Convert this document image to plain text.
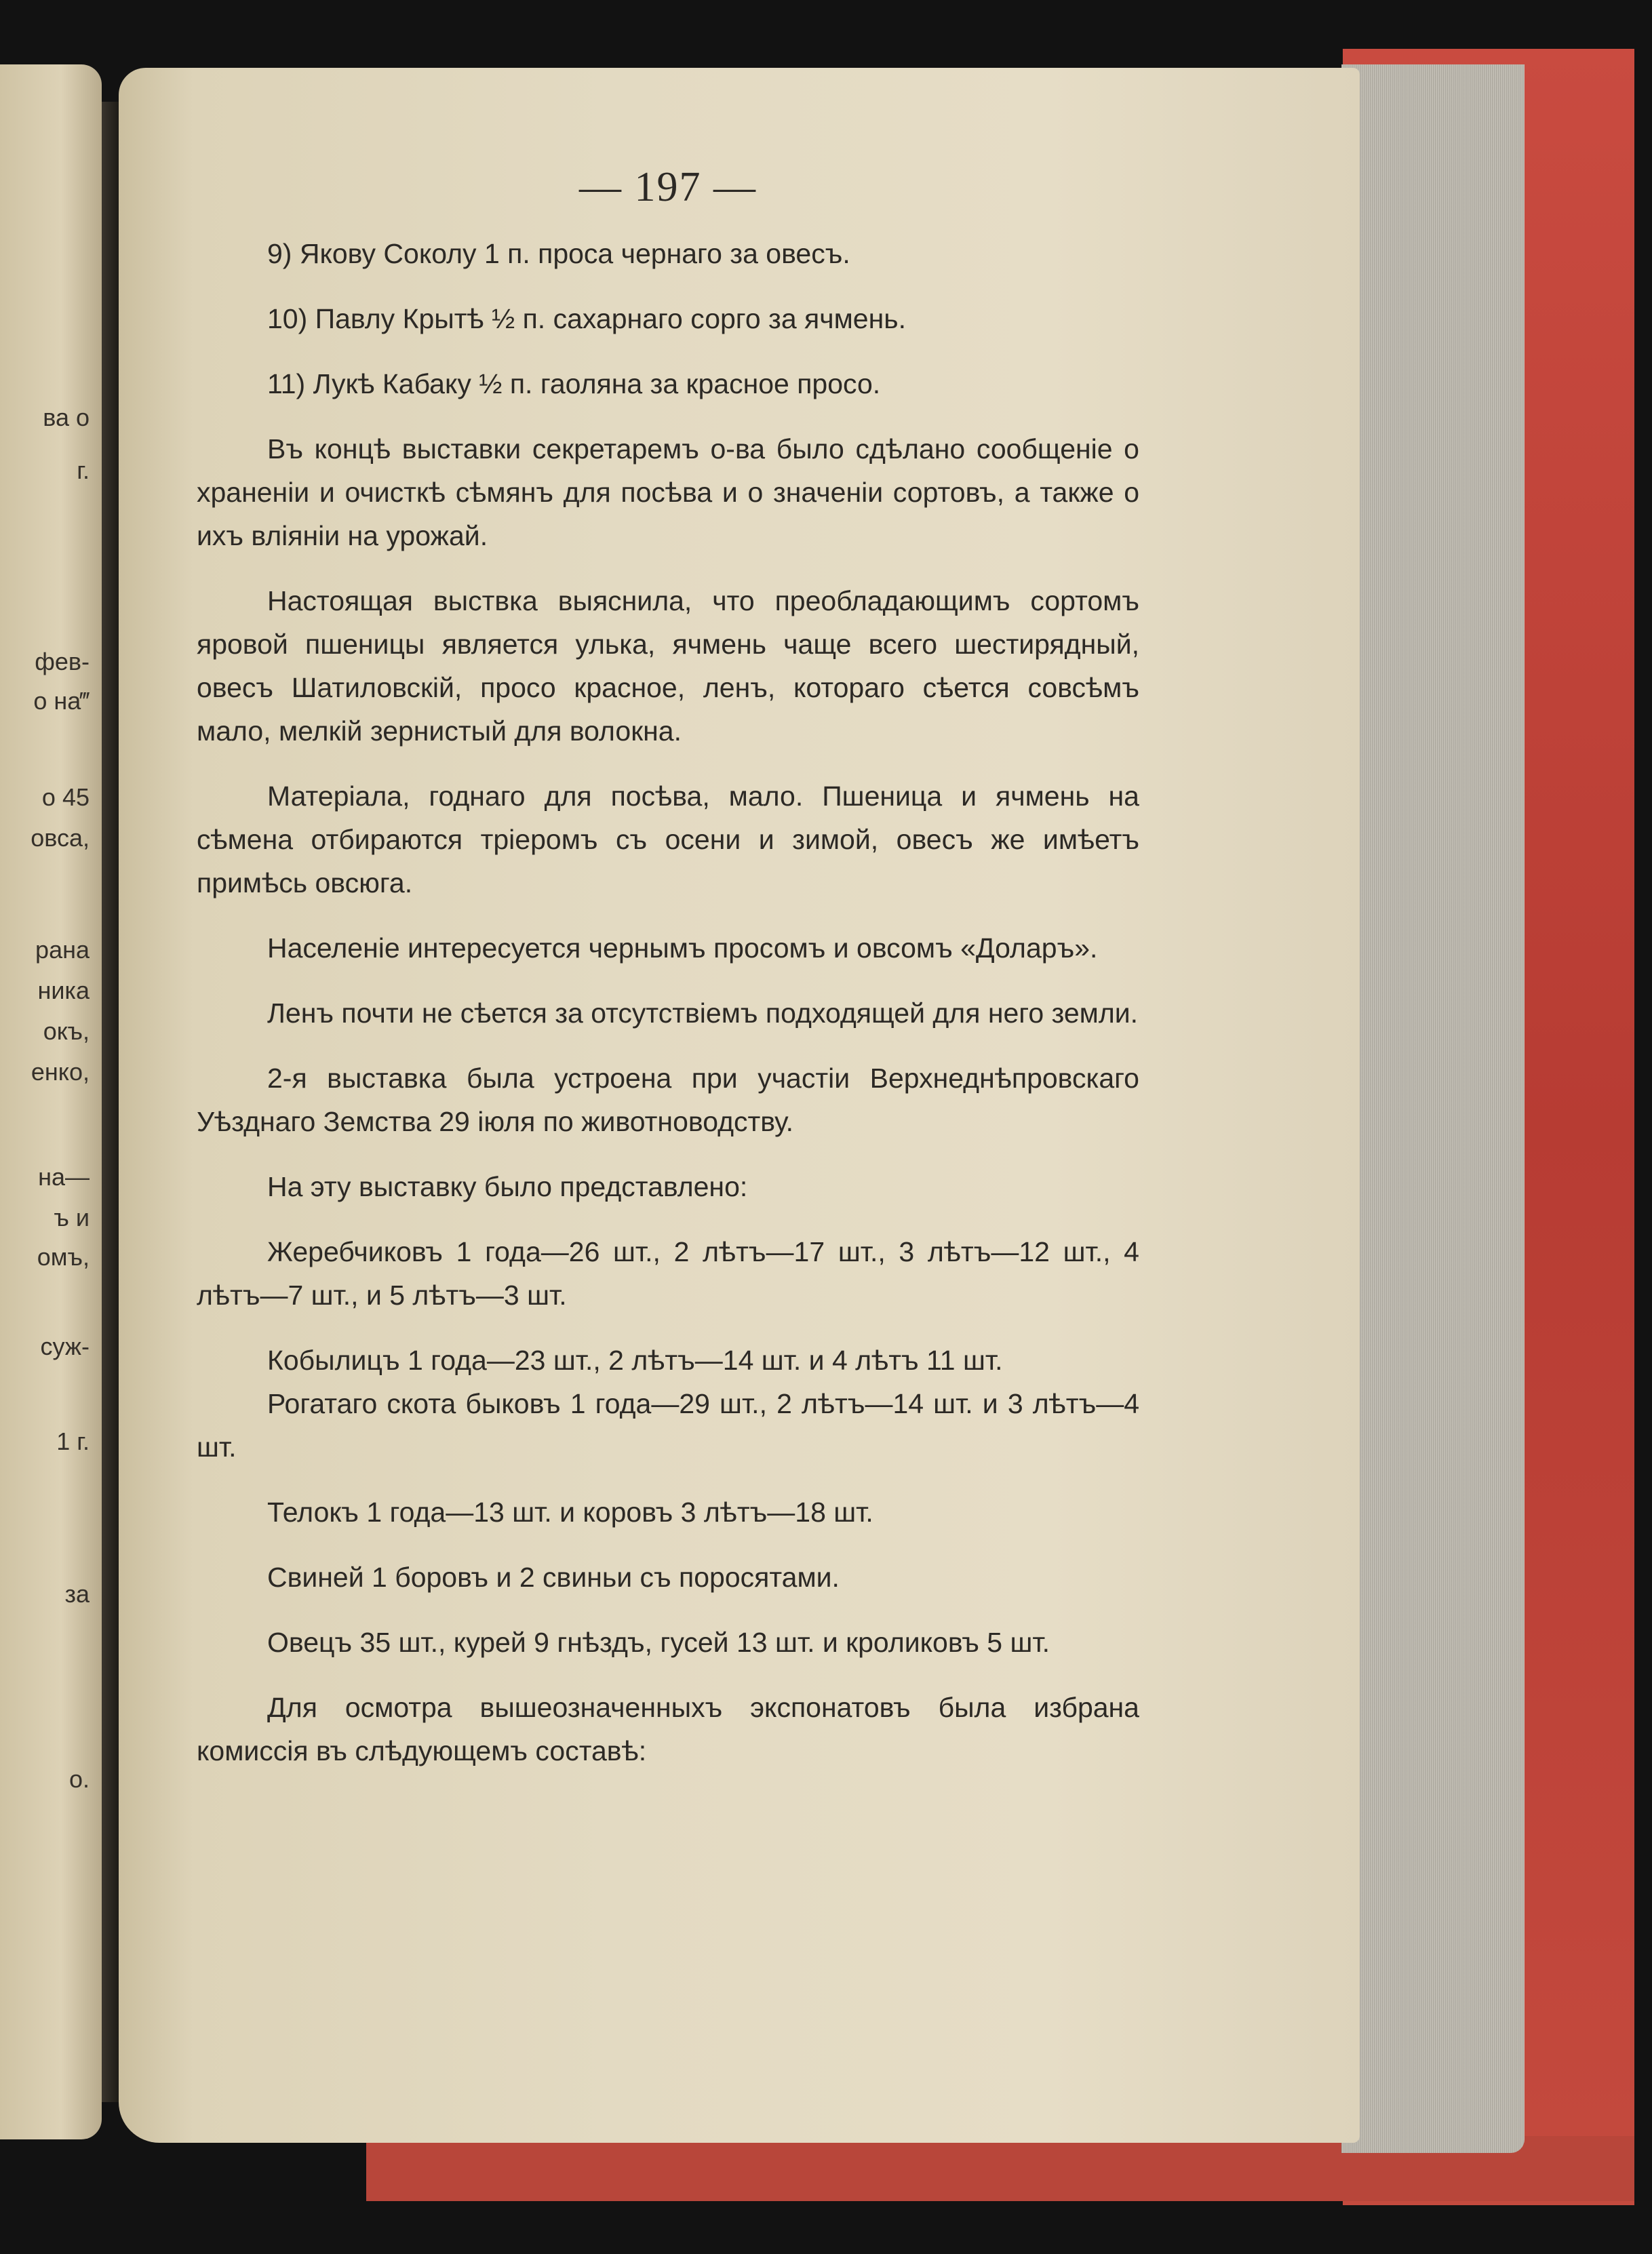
ва о
г.
фев-
о на‴
о 45
овса,
рана
ника
окъ,
енко,
на—
ъ и
омъ,
суж-
1 г.
за
о.
— 197 —

9) Якову Соколу 1 п. проса чернаго за овесъ.

10) Павлу Крытѣ ½ п. сахарнаго сорго за ячмень.

11) Лукѣ Кабаку ½ п. гаоляна за красное просо.

Въ концѣ выставки секретаремъ о-ва было сдѣлано сообщеніе о храненіи и очисткѣ сѣмянъ для посѣва и о значеніи сортовъ, а также о ихъ вліяніи на урожай.

Настоящая выствка выяснила, что преобладающимъ сортомъ яровой пшеницы является улька, ячмень чаще всего шестирядный, овесъ Шатиловскій, просо красное, ленъ, котораго сѣется совсѣмъ мало, мелкій зернистый для волокна.

Матеріала, годнаго для посѣва, мало. Пшеница и ячмень на сѣмена отбираются тріеромъ съ осени и зимой, овесъ же имѣетъ примѣсь овсюга.

Населеніе интересуется чернымъ просомъ и овсомъ «Доларъ».

Ленъ почти не сѣется за отсутствіемъ подходящей для него земли.

2-я выставка была устроена при участіи Верхнеднѣпровскаго Уѣзднаго Земства 29 іюля по животноводству.

На эту выставку было представлено:

Жеребчиковъ 1 года—26 шт., 2 лѣтъ—17 шт., 3 лѣтъ—12 шт., 4 лѣтъ—7 шт., и 5 лѣтъ—3 шт.

Кобылицъ 1 года—23 шт., 2 лѣтъ—14 шт. и 4 лѣтъ 11 шт.

Рогатаго скота быковъ 1 года—29 шт., 2 лѣтъ—14 шт. и 3 лѣтъ—4 шт.

Телокъ 1 года—13 шт. и коровъ 3 лѣтъ—18 шт.

Свиней 1 боровъ и 2 свиньи съ поросятами.

Овецъ 35 шт., курей 9 гнѣздъ, гусей 13 шт. и кроликовъ 5 шт.

Для осмотра вышеозначенныхъ экспонатовъ была избрана комиссія въ слѣдующемъ составѣ:
